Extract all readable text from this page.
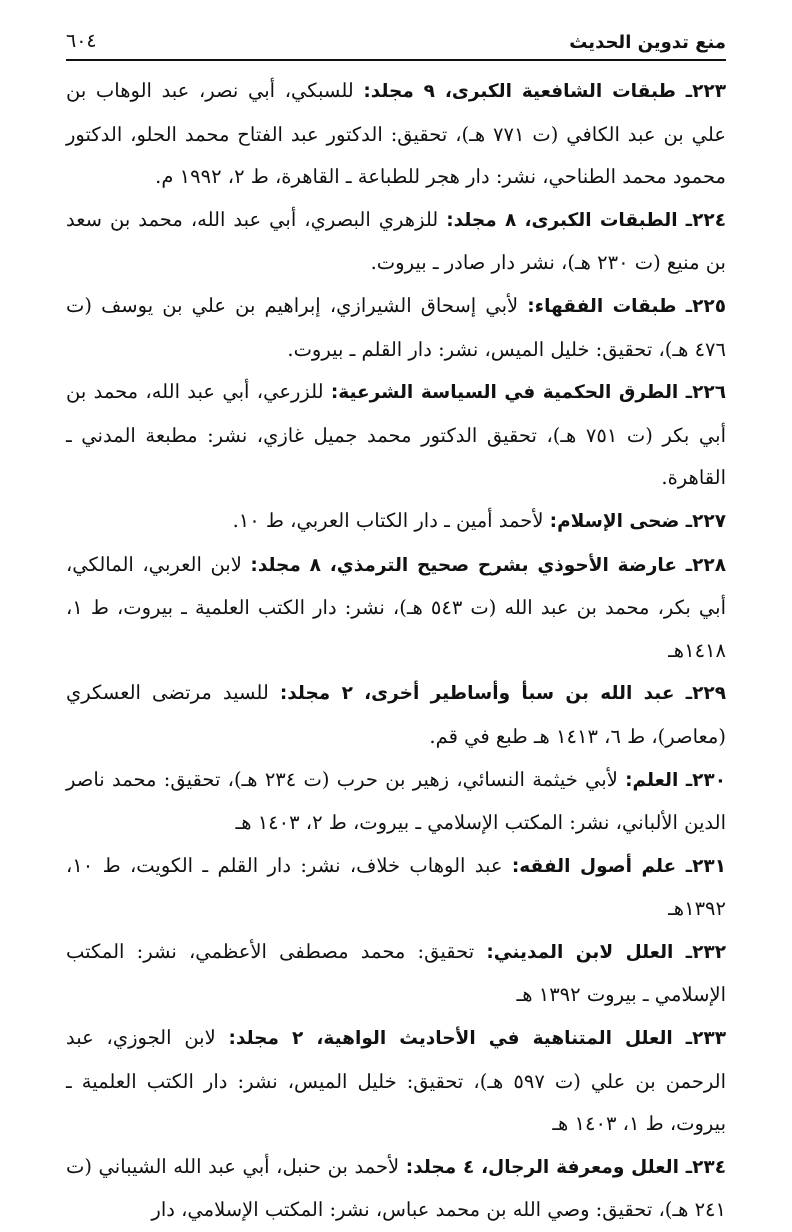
منع تدوين الحديث
٦٠٤

٢٢٣ـ طبقات الشافعية الكبرى، ٩ مجلد: للسبكي، أبي نصر، عبد الوهاب بن علي بن عبد الكافي (ت ٧٧١ هـ)، تحقيق: الدكتور عبد الفتاح محمد الحلو، الدكتور محمود محمد الطناحي، نشر: دار هجر للطباعة ـ القاهرة، ط ٢، ١٩٩٢ م.

٢٢٤ـ الطبقات الكبرى، ٨ مجلد: للزهري البصري، أبي عبد الله، محمد بن سعد بن منيع (ت ٢٣٠ هـ)، نشر دار صادر ـ بيروت.

٢٢٥ـ طبقات الفقهاء: لأبي إسحاق الشيرازي، إبراهيم بن علي بن يوسف (ت ٤٧٦ هـ)، تحقيق: خليل الميس، نشر: دار القلم ـ بيروت.

٢٢٦ـ الطرق الحكمية في السياسة الشرعية: للزرعي، أبي عبد الله، محمد بن أبي بكر (ت ٧٥١ هـ)، تحقيق الدكتور محمد جميل غازي، نشر: مطبعة المدني ـ القاهرة.

٢٢٧ـ ضحى الإسلام: لأحمد أمين ـ دار الكتاب العربي، ط ١٠.

٢٢٨ـ عارضة الأحوذي بشرح صحيح الترمذي، ٨ مجلد: لابن العربي، المالكي، أبي بكر، محمد بن عبد الله (ت ٥٤٣ هـ)، نشر: دار الكتب العلمية ـ بيروت، ط ١، ١٤١٨هـ

٢٢٩ـ عبد الله بن سبأ وأساطير أخرى، ٢ مجلد: للسيد مرتضى العسكري (معاصر)، ط ٦، ١٤١٣ هـ طبع في قم.

٢٣٠ـ العلم: لأبي خيثمة النسائي، زهير بن حرب (ت ٢٣٤ هـ)، تحقيق: محمد ناصر الدين الألباني، نشر: المكتب الإسلامي ـ بيروت، ط ٢، ١٤٠٣ هـ

٢٣١ـ علم أصول الفقه: عبد الوهاب خلاف، نشر: دار القلم ـ الكويت، ط ١٠، ١٣٩٢هـ

٢٣٢ـ العلل لابن المديني: تحقيق: محمد مصطفى الأعظمي، نشر: المكتب الإسلامي ـ بيروت ١٣٩٢ هـ

٢٣٣ـ العلل المتناهية في الأحاديث الواهية، ٢ مجلد: لابن الجوزي، عبد الرحمن بن علي (ت ٥٩٧ هـ)، تحقيق: خليل الميس، نشر: دار الكتب العلمية ـ بيروت، ط ١، ١٤٠٣ هـ

٢٣٤ـ العلل ومعرفة الرجال، ٤ مجلد: لأحمد بن حنبل، أبي عبد الله الشيباني (ت ٢٤١ هـ)، تحقيق: وصي الله بن محمد عباس، نشر: المكتب الإسلامي، دار
